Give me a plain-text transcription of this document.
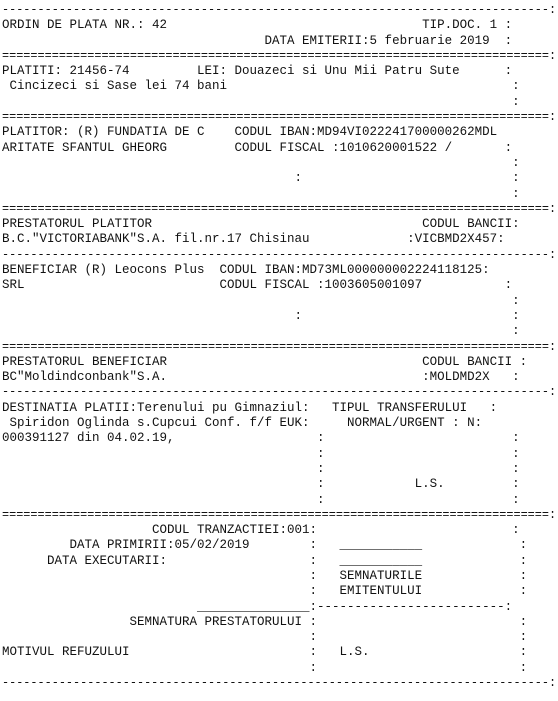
-----------------------------------------------------------------------------:
ORDIN DE PLATA NR.: 42                                  TIP.DOC. 1 :
DATA EMITERII:5 februarie 2019  :
=============================================================================:
PLATITI: 21456-74         LEI: Douazeci si Unu Mii Patru Sute      :
Cincizeci si Sase lei 74 bani                                      :
:
=============================================================================:
PLATITOR: (R) FUNDATIA DE C    CODUL IBAN:MD94VI022241700000262MDL
ARITATE SFANTUL GHEORG         CODUL FISCAL :1010620001522 /       :
:
:                            :
:
=============================================================================:
PRESTATORUL PLATITOR                                    CODUL BANCII:
B.C."VICTORIABANK"S.A. fil.nr.17 Chisinau             :VICBMD2X457:
-----------------------------------------------------------------------------:
BENEFICIAR (R) Leocons Plus  CODUL IBAN:MD73ML000000002224118125:
SRL                          CODUL FISCAL :1003605001097           :
:
:                            :
:
=============================================================================:
PRESTATORUL BENEFICIAR                                  CODUL BANCII :
BC"Moldindconbank"S.A.                                  :MOLDMD2X   :
-----------------------------------------------------------------------------:
DESTINATIA PLATII:Terenului pu Gimnaziul:   TIPUL TRANSFERULUI   :
Spiridon Oglinda s.Cupcui Conf. f/f EUK:     NORMAL/URGENT : N:
000391127 din 04.02.19,                   :                         :
:                         :
:                         :
:            L.S.         :
:                         :
=============================================================================:
CODUL TRANZACTIEI:001:                          :
DATA PRIMIRII:05/02/2019        :   ___________             :
DATA EXECUTARII:                   :   ___________             :
:   SEMNATURILE             :
:   EMITENTULUI             :
_______________:-------------------------:
SEMNATURA PRESTATORULUI :                           :
:                           :
MOTIVUL REFUZULUI                        :   L.S.                    :
:                           :
-----------------------------------------------------------------------------:
